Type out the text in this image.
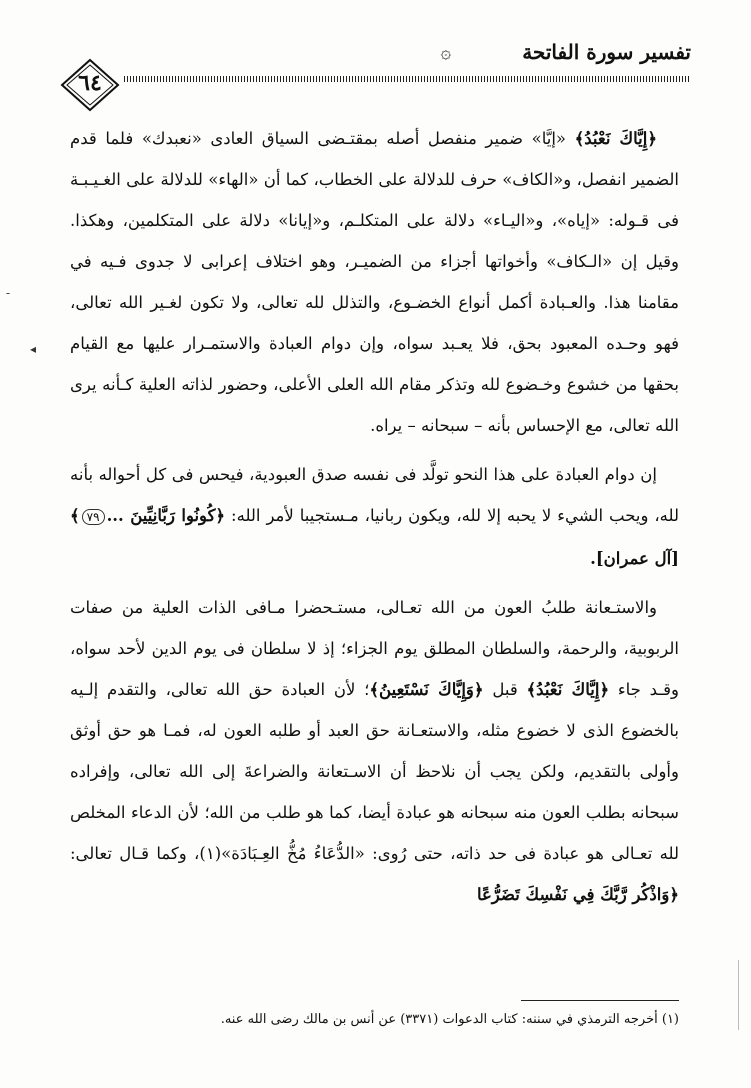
٦٤
۞	تفسير سورة الفاتحة

﴿إِيَّاكَ نَعْبُدُ﴾ «إيَّا» ضمير منفصل أصله بمقتـضى السياق العادى «نعبدك» فلما قدم الضمير انفصل، و«الكاف» حرف للدلالة على الخطاب، كما أن «الهاء» للدلالة على الغـيـبـة فى قـوله: «إياه»، و«اليـاء» دلالة على المتكلـم، و«إيانا» دلالة على المتكلمين، وهكذا. وقيل إن «الـكاف» وأخواتها أجزاء من الضميـر، وهو اختلاف إعرابى لا جدوى فـيه في مقامنا هذا. والعـبادة أكمل أنواع الخضـوع، والتذلل لله تعالى، ولا تكون لغـير الله تعالى، فهو وحـده المعبود بحق، فلا يعـبد سواه، وإن دوام العبادة والاستمـرار عليها مع القيام بحقها من خشوع وخـضوع لله وتذكر مقام الله العلى الأعلى، وحضور لذاته العلية كـأنه يرى الله تعالى، مع الإحساس بأنه – سبحانه – يراه.

إن دوام العبادة على هذا النحو تولَّد فى نفسه صدق العبودية، فيحس فى كل أحواله بأنه لله، ويحب الشيء لا يحبه إلا لله، ويكون ربانيا، مـستجيبا لأمر الله: ﴿كُونُوا رَبَّانِيِّينَ ...٧٩﴾ [آل عمران].

والاستـعانة طلبُ العون من الله تعـالى، مستـحضرا مـافى الذات العلية من صفات الربوبية، والرحمة، والسلطان المطلق يوم الجزاء؛ إذ لا سلطان فى يوم الدين لأحد سواه، وقـد جاء ﴿إِيَّاكَ نَعْبُدُ﴾ قبل ﴿وَإِيَّاكَ نَسْتَعِينُ﴾؛ لأن العبادة حق الله تعالى، والتقدم إلـيه بالخضوع الذى لا خضوع مثله، والاستعـانة حق العبد أو طلبه العون له، فمـا هو حق أوثق وأولى بالتقديم، ولكن يجب أن نلاحظ أن الاسـتعانة والضراعةَ إلى الله تعالى، وإفراده سبحانه بطلب العون منه سبحانه هو عبادة أيضا، كما هو طلب من الله؛ لأن الدعاء المخلص لله تعـالى هو عبادة فى حد ذاته، حتى رُوى: «الدُّعَاءُ مُخُّ العِـبَادَة»(١)، وكما قـال تعالى: ﴿وَاذْكُر رَّبَّكَ فِي نَفْسِكَ تَضَرُّعًا

(١) أخرجه الترمذي في سننه: كتاب الدعوات (٣٣٧١) عن أنس بن مالك رضى الله عنه.
-
◂
